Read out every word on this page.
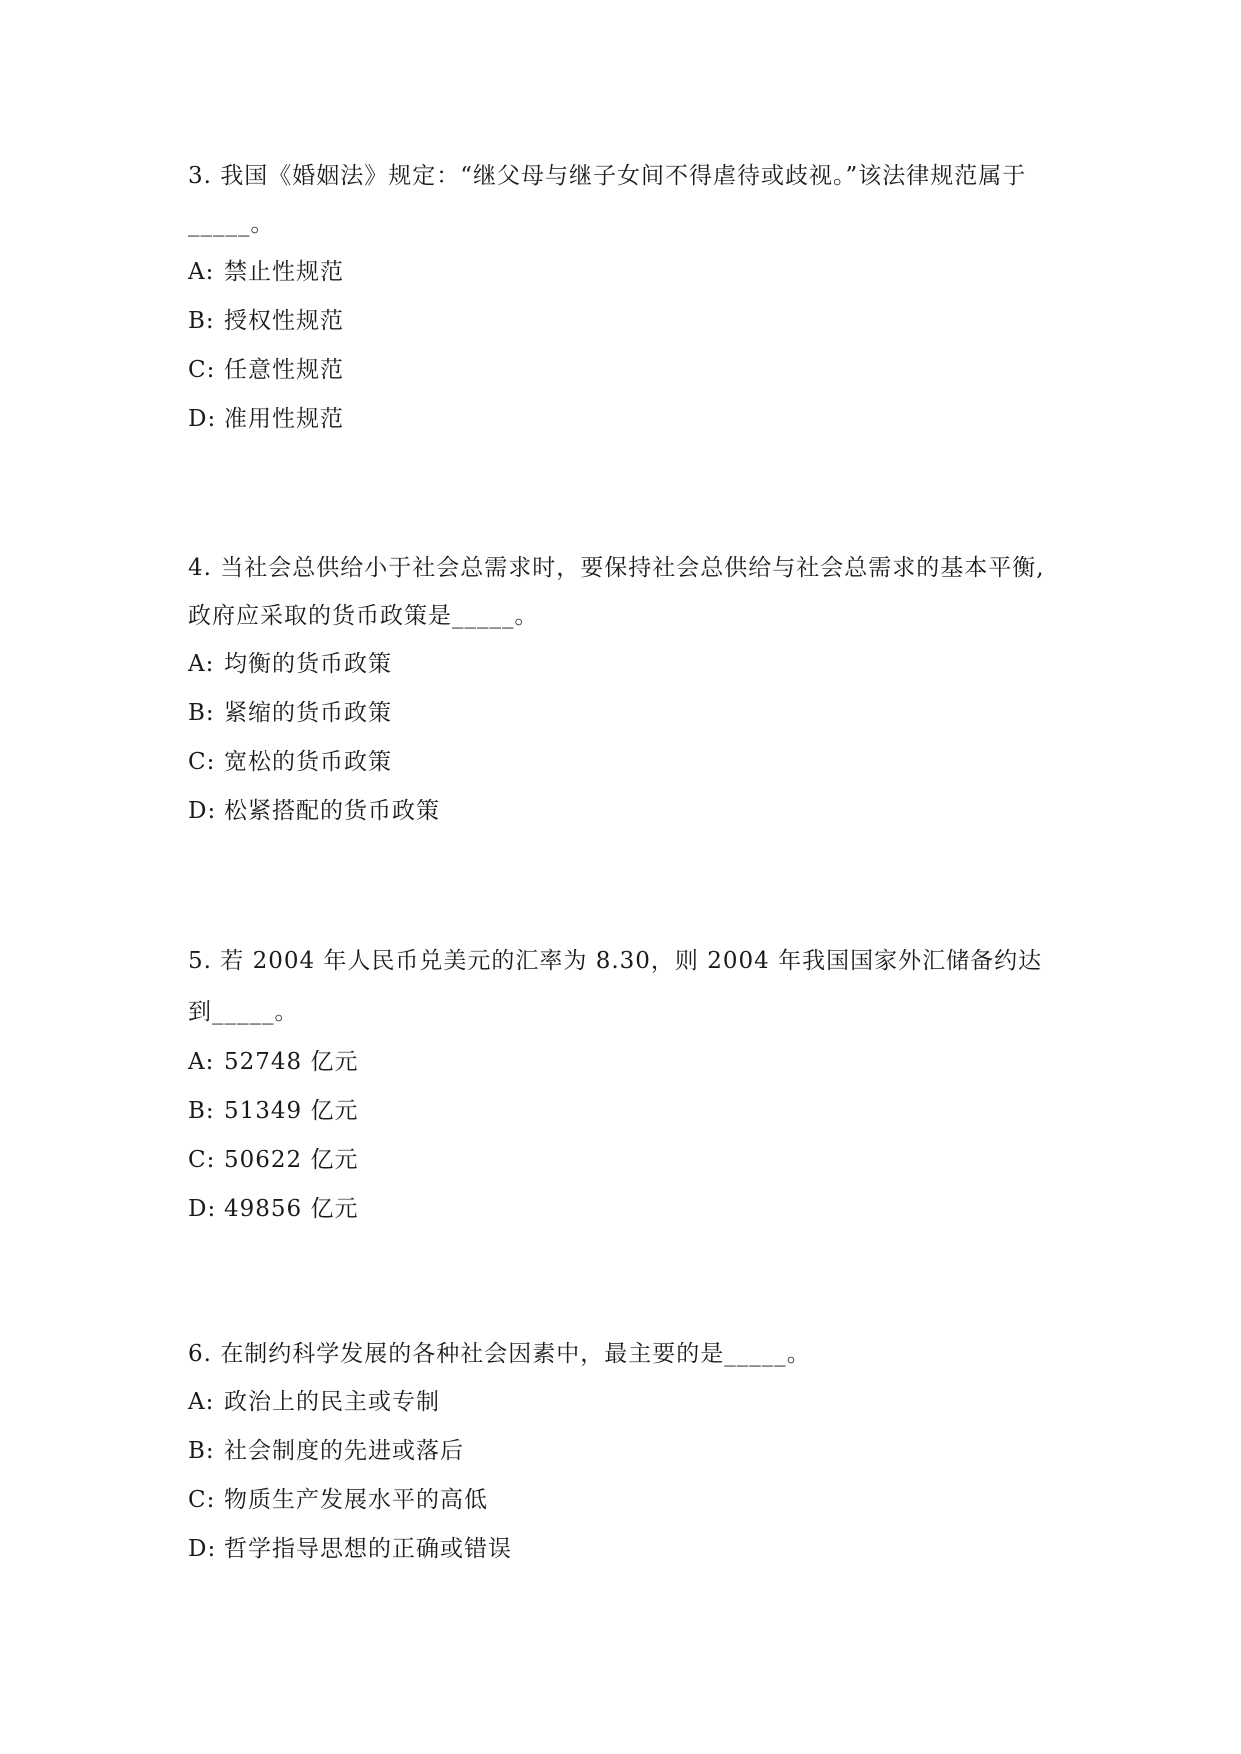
3. 我国《婚姻法》规定：“继父母与继子女间不得虐待或歧视。”该法律规范属于_____。

A: 禁止性规范

B: 授权性规范

C: 任意性规范

D: 准用性规范

4. 当社会总供给小于社会总需求时，要保持社会总供给与社会总需求的基本平衡,政府应采取的货币政策是_____。

A: 均衡的货币政策

B: 紧缩的货币政策

C: 宽松的货币政策

D: 松紧搭配的货币政策

5. 若 2004 年人民币兑美元的汇率为 8.30，则 2004 年我国国家外汇储备约达到_____。

A: 52748 亿元

B: 51349 亿元

C: 50622 亿元

D: 49856 亿元

6. 在制约科学发展的各种社会因素中，最主要的是_____。

A: 政治上的民主或专制

B: 社会制度的先进或落后

C: 物质生产发展水平的高低

D: 哲学指导思想的正确或错误
